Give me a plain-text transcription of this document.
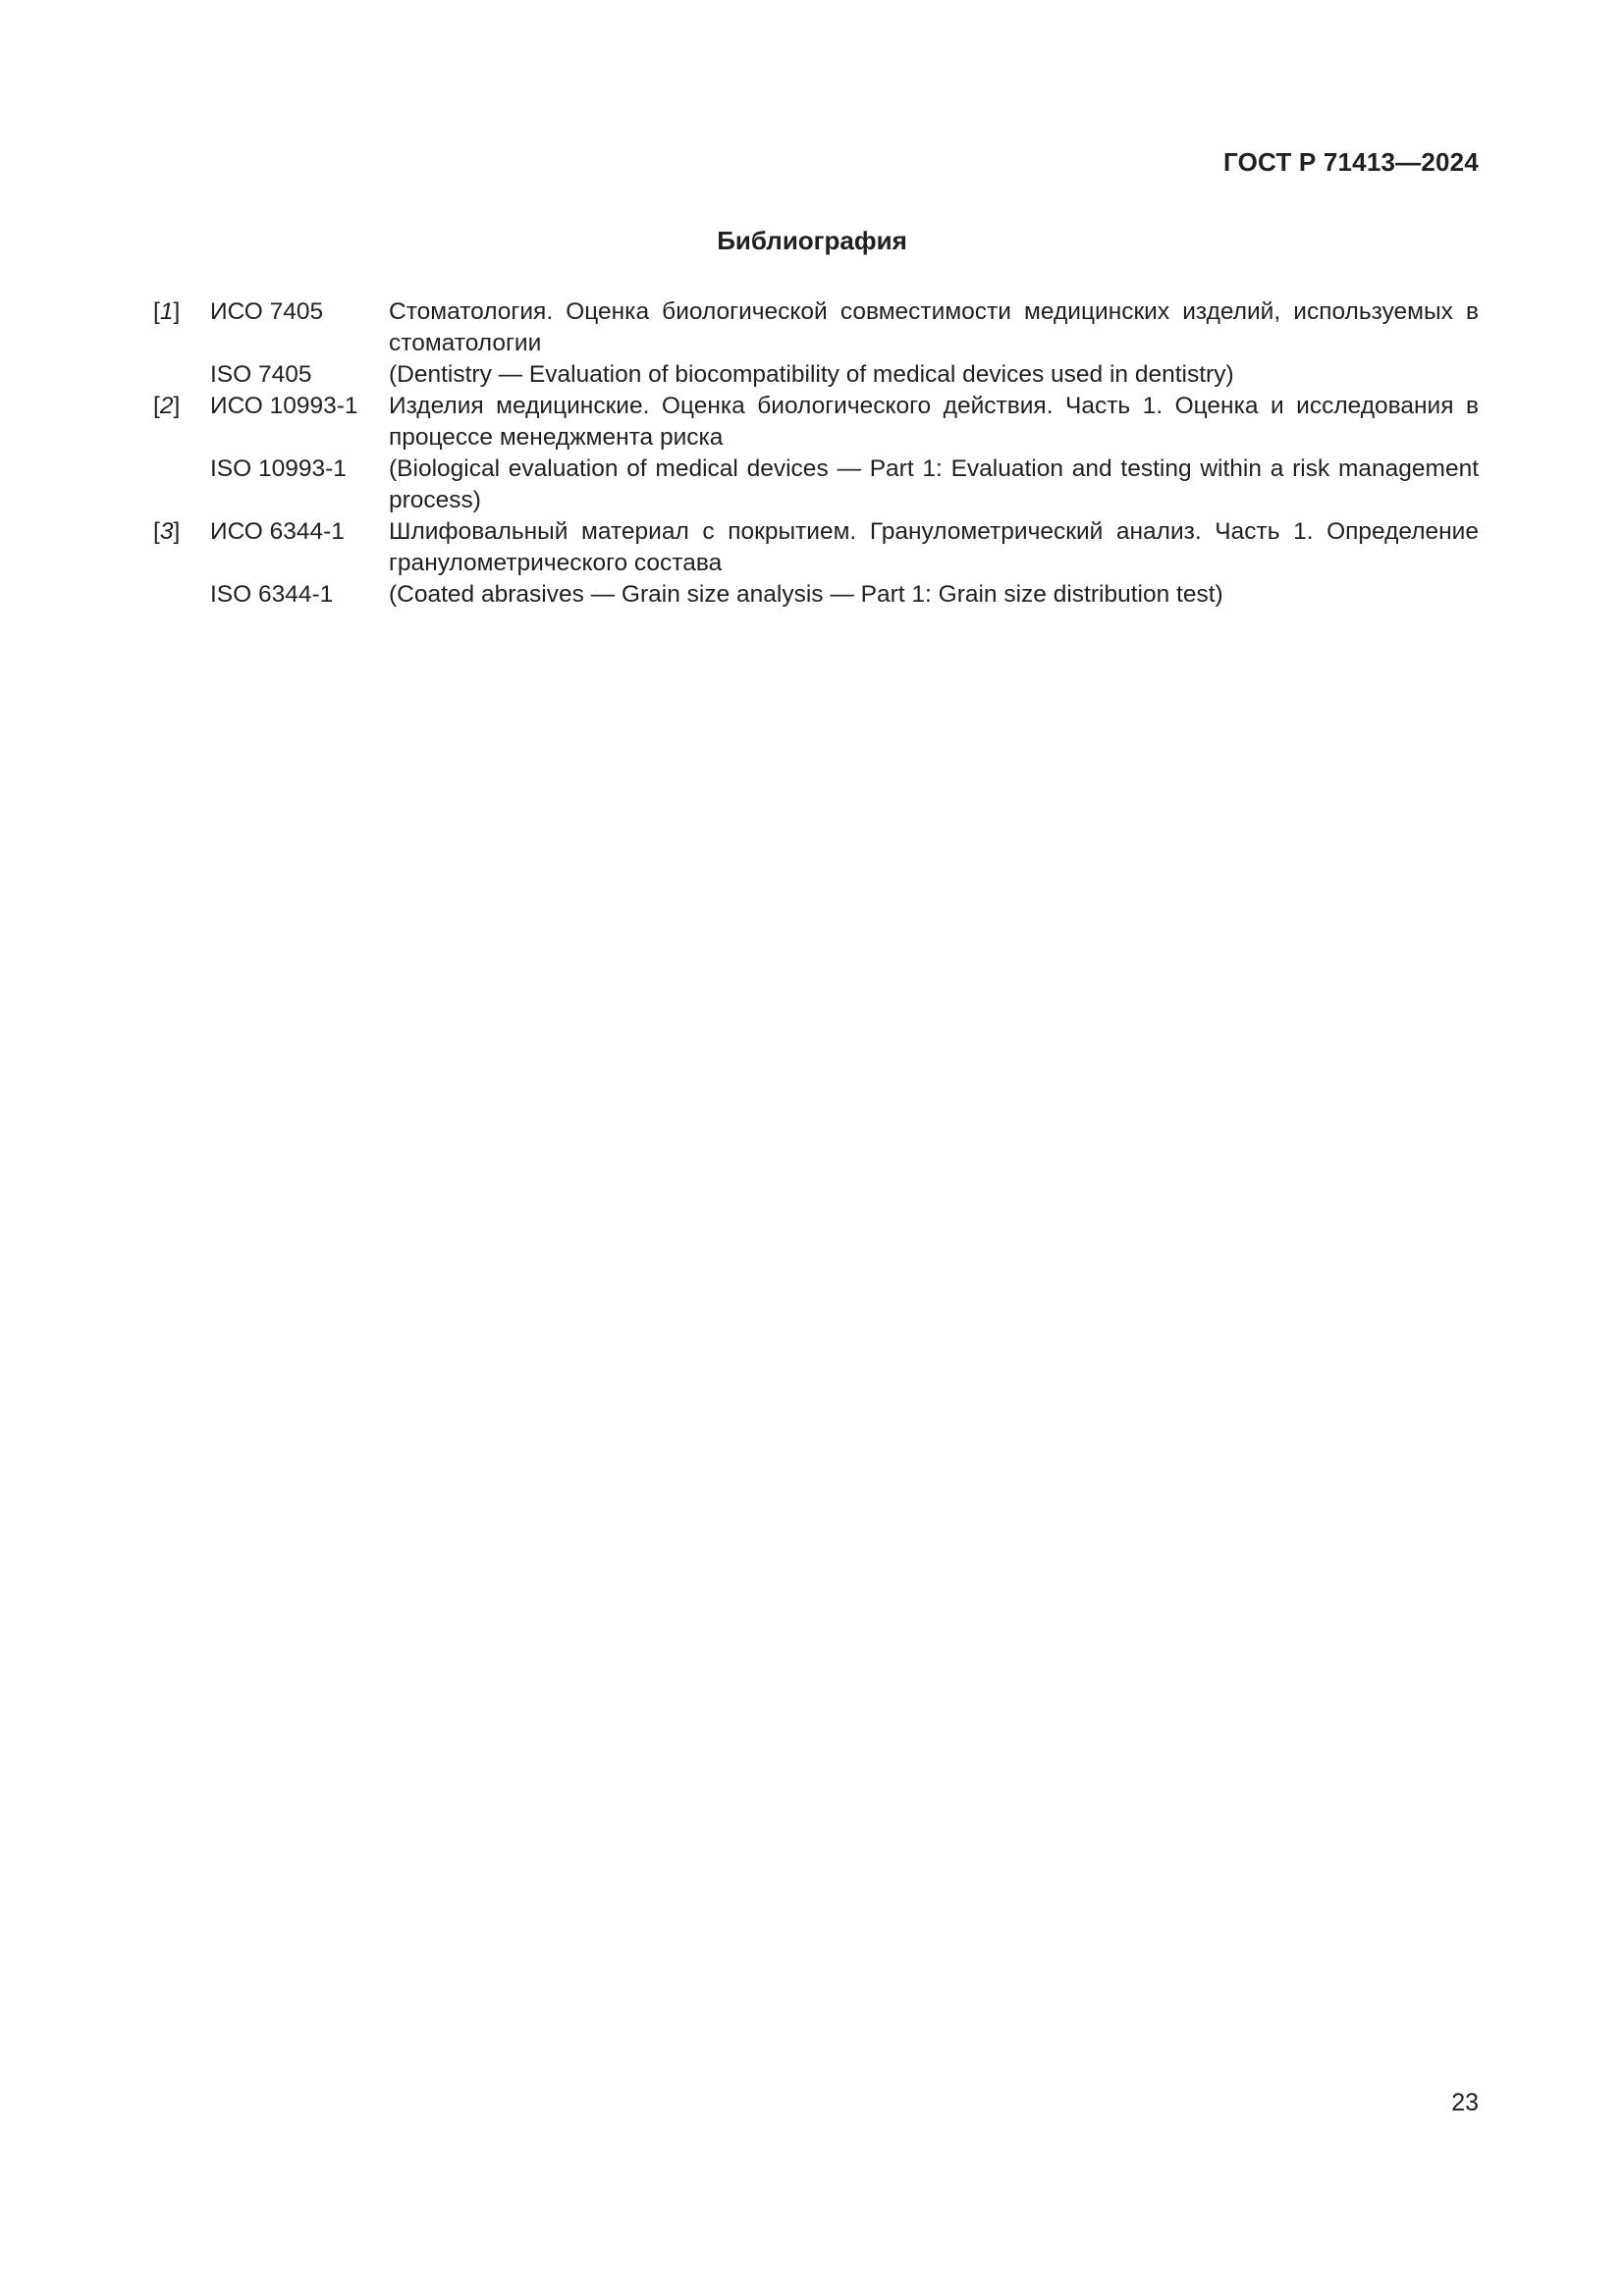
ГОСТ Р 71413—2024
Библиография
[1]	ИСО 7405	Стоматология. Оценка биологической совместимости медицинских изделий, используемых в стоматологии
ISO 7405	(Dentistry — Evaluation of biocompatibility of medical devices used in dentistry)
[2]	ИСО 10993-1	Изделия медицинские. Оценка биологического действия. Часть 1. Оценка и исследования в процессе менеджмента риска
ISO 10993-1	(Biological evaluation of medical devices — Part 1: Evaluation and testing within a risk management process)
[3]	ИСО 6344-1	Шлифовальный материал с покрытием. Гранулометрический анализ. Часть 1. Определение гранулометрического состава
ISO 6344-1	(Coated abrasives — Grain size analysis — Part 1: Grain size distribution test)
23
